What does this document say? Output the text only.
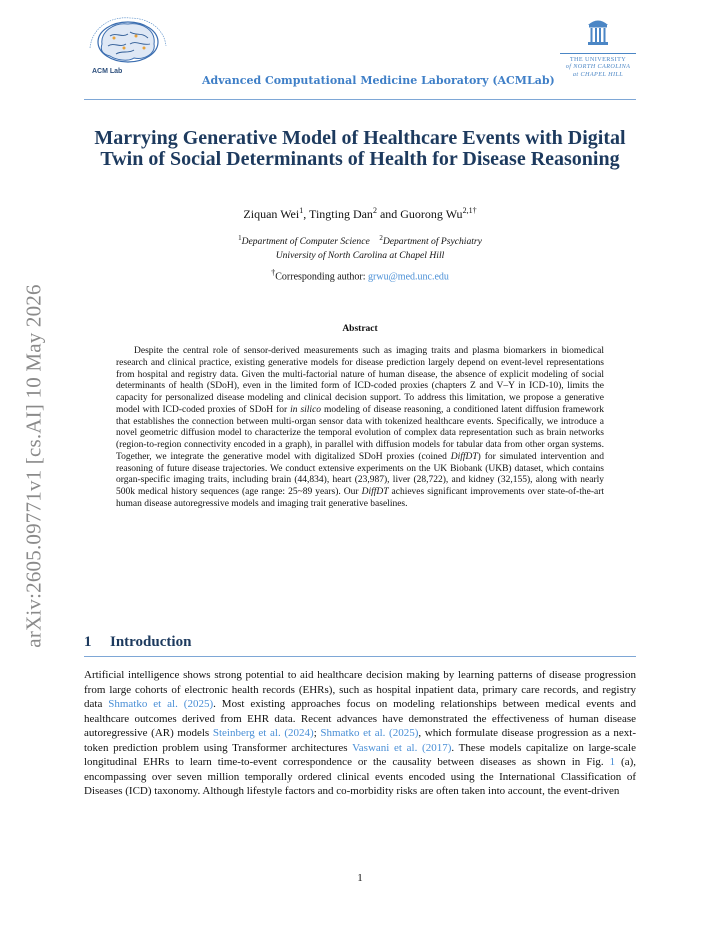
arXiv:2605.09771v1 [cs.AI] 10 May 2026
ACM Lab
Advanced Computational Medicine Laboratory (ACMLab)
THE UNIVERSITY
of NORTH CAROLINA
at CHAPEL HILL
Marrying Generative Model of Healthcare Events with Digital Twin of Social Determinants of Health for Disease Reasoning
Ziquan Wei$^1$, Tingting Dan$^2$ and Guorong $Wu^{2,1\dagger}$
$^1$Department of Computer Science $^2$Department of Psychiatry
University of North Carolina at Chapel Hill
†Corresponding author: grwu@med.unc.edu
Abstract

Despite the central role of sensor-derived measurements such as imaging traits and plasma biomarkers in biomedical research and clinical practice, existing generative models for disease prediction largely depend on event-level representations from hospital and registry data. Given the multi-factorial nature of human disease, the absence of explicit modeling of social determinants of health (SDoH), even in the limited form of ICD-coded proxies (chapters Z and V–Y in ICD-10), limits the capacity for personalized disease modeling and clinical decision support. To address this limitation, we propose a generative model with ICD-coded proxies of SDoH for in silico modeling of disease reasoning, a conditioned latent diffusion framework that establishes the connection between multi-organ sensor data with tokenized healthcare events. Specifically, we introduce a novel geometric diffusion model to characterize the temporal evolution of complex data representation such as brain networks (region-to-region connectivity encoded in a graph), in parallel with diffusion models for tabular data from other organ systems. Together, we integrate the generative model with digitalized SDoH proxies (coined DiffDT) for simulated intervention and reasoning of future disease trajectories. We conduct extensive experiments on the UK Biobank (UKB) dataset, which contains organ-specific imaging traits, including brain (44,834), heart (23,987), liver (28,722), and kidney (32,155), along with nearly 500k medical history sequences (age range: 25~89 years). Our DiffDT achieves significant improvements over state-of-the-art human disease autoregressive models and imaging trait generative baselines.

1 Introduction

Artificial intelligence shows strong potential to aid healthcare decision making by learning patterns of disease progression from large cohorts of electronic health records (EHRs), such as hospital inpatient data, primary care records, and registry data Shmatko et al. (2025). Most existing approaches focus on modeling relationships between medical events and healthcare outcomes derived from EHR data. Recent advances have demonstrated the effectiveness of human disease autoregressive (AR) models Steinberg et al. (2024); Shmatko et al. (2025), which formulate disease progression as a next-token prediction problem using Transformer architectures Vaswani et al. (2017). These models capitalize on large-scale longitudinal EHRs to learn time-to-event correspondence or the causality between diseases as shown in Fig. 1 (a), encompassing over seven million temporally ordered clinical events encoded using the International Classification of Diseases (ICD) taxonomy. Although lifestyle factors and co-morbidity risks are often taken into account, the event-driven

1
